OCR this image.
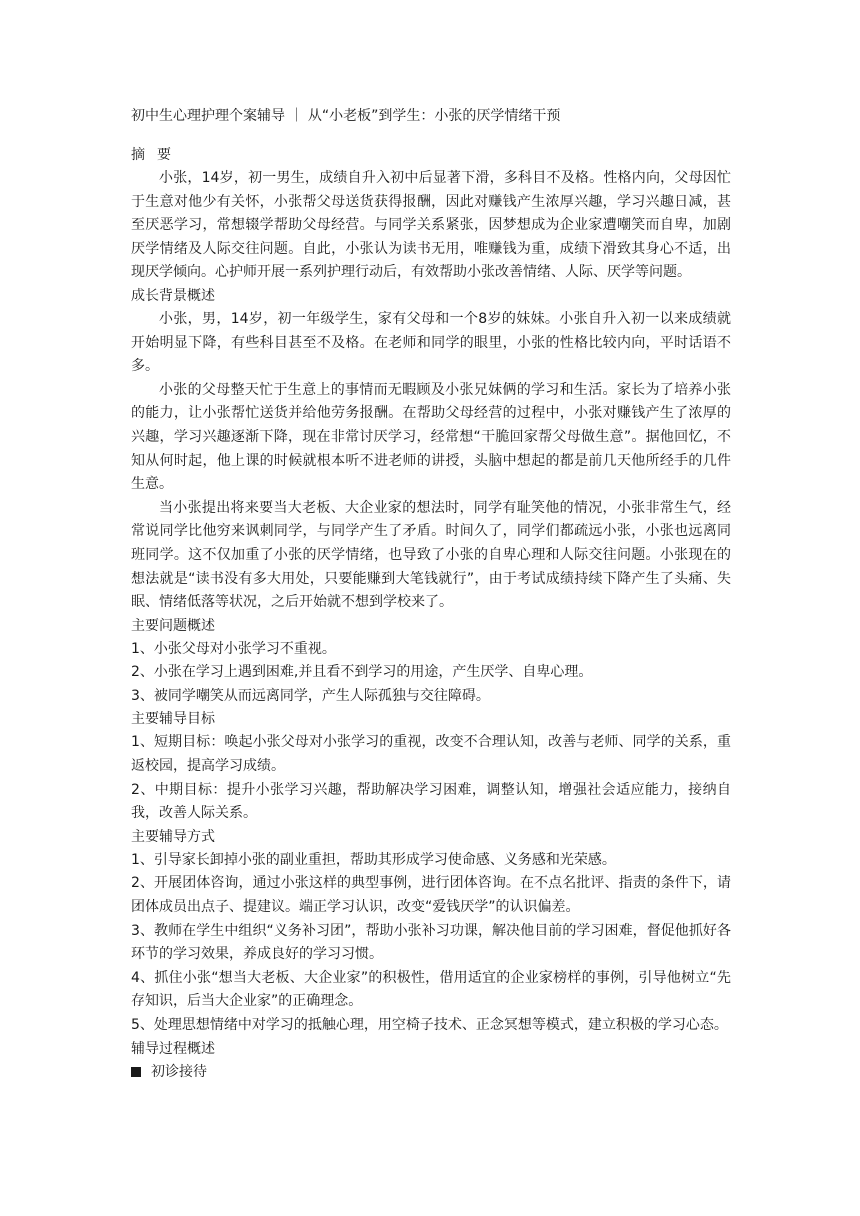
初中生心理护理个案辅导 ｜ 从“小老板”到学生：小张的厌学情绪干预
摘要

小张，14岁，初一男生，成绩自升入初中后显著下滑，多科目不及格。性格内向，父母因忙于生意对他少有关怀，小张帮父母送货获得报酬，因此对赚钱产生浓厚兴趣，学习兴趣日减，甚至厌恶学习，常想辍学帮助父母经营。与同学关系紧张，因梦想成为企业家遭嘲笑而自卑，加剧厌学情绪及人际交往问题。自此，小张认为读书无用，唯赚钱为重，成绩下滑致其身心不适，出现厌学倾向。心护师开展一系列护理行动后，有效帮助小张改善情绪、人际、厌学等问题。

成长背景概述

小张，男，14岁，初一年级学生，家有父母和一个8岁的妹妹。小张自升入初一以来成绩就开始明显下降，有些科目甚至不及格。在老师和同学的眼里，小张的性格比较内向，平时话语不多。

小张的父母整天忙于生意上的事情而无暇顾及小张兄妹俩的学习和生活。家长为了培养小张的能力，让小张帮忙送货并给他劳务报酬。在帮助父母经营的过程中，小张对赚钱产生了浓厚的兴趣，学习兴趣逐渐下降，现在非常讨厌学习，经常想“干脆回家帮父母做生意”。据他回忆，不知从何时起，他上课的时候就根本听不进老师的讲授，头脑中想起的都是前几天他所经手的几件生意。

当小张提出将来要当大老板、大企业家的想法时，同学有耻笑他的情况，小张非常生气，经常说同学比他穷来讽刺同学，与同学产生了矛盾。时间久了，同学们都疏远小张，小张也远离同班同学。这不仅加重了小张的厌学情绪，也导致了小张的自卑心理和人际交往问题。小张现在的想法就是“读书没有多大用处，只要能赚到大笔钱就行”，由于考试成绩持续下降产生了头痛、失眠、情绪低落等状况，之后开始就不想到学校来了。

主要问题概述

1、小张父母对小张学习不重视。

2、小张在学习上遇到困难,并且看不到学习的用途，产生厌学、自卑心理。

3、被同学嘲笑从而远离同学，产生人际孤独与交往障碍。

主要辅导目标

1、短期目标：唤起小张父母对小张学习的重视，改变不合理认知，改善与老师、同学的关系，重返校园，提高学习成绩。

2、中期目标：提升小张学习兴趣，帮助解决学习困难，调整认知，增强社会适应能力，接纳自我，改善人际关系。

主要辅导方式

1、引导家长卸掉小张的副业重担，帮助其形成学习使命感、义务感和光荣感。

2、开展团体咨询，通过小张这样的典型事例，进行团体咨询。在不点名批评、指责的条件下，请团体成员出点子、提建议。端正学习认识，改变“爱钱厌学”的认识偏差。

3、教师在学生中组织“义务补习团”，帮助小张补习功课，解决他目前的学习困难，督促他抓好各环节的学习效果，养成良好的学习习惯。

4、抓住小张“想当大老板、大企业家”的积极性，借用适宜的企业家榜样的事例，引导他树立“先存知识，后当大企业家”的正确理念。

5、处理思想情绪中对学习的抵触心理，用空椅子技术、正念冥想等模式，建立积极的学习心态。

辅导过程概述
初诊接待
